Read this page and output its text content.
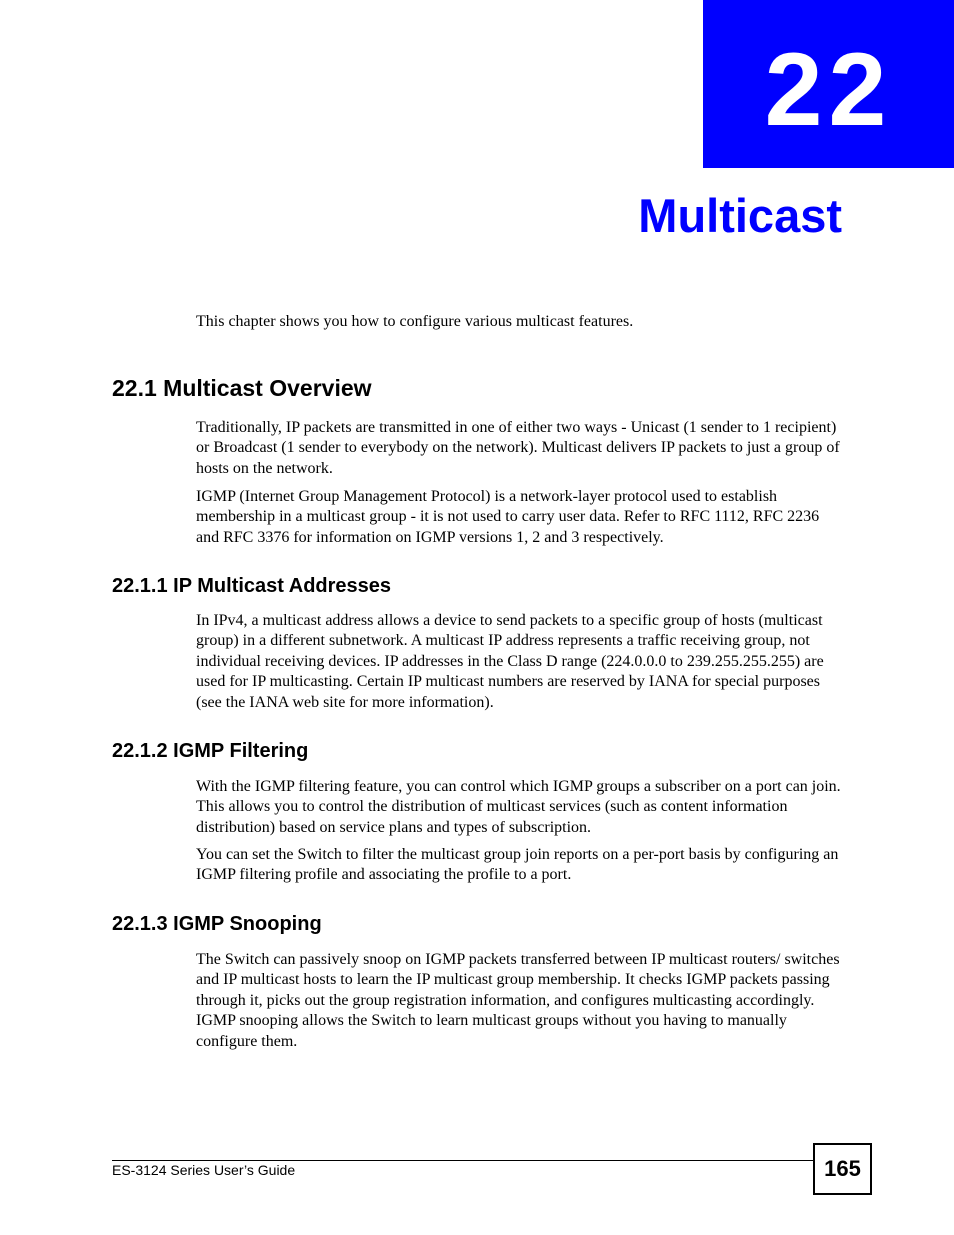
22
Multicast

This chapter shows you how to configure various multicast features.

22.1 Multicast Overview

Traditionally, IP packets are transmitted in one of either two ways - Unicast (1 sender to 1 recipient) or Broadcast (1 sender to everybody on the network). Multicast delivers IP packets to just a group of hosts on the network.

IGMP (Internet Group Management Protocol) is a network-layer protocol used to establish membership in a multicast group - it is not used to carry user data. Refer to RFC 1112, RFC 2236 and RFC 3376 for information on IGMP versions 1, 2 and 3 respectively.

22.1.1 IP Multicast Addresses

In IPv4, a multicast address allows a device to send packets to a specific group of hosts (multicast group) in a different subnetwork. A multicast IP address represents a traffic receiving group, not individual receiving devices. IP addresses in the Class D range (224.0.0.0 to 239.255.255.255) are used for IP multicasting. Certain IP multicast numbers are reserved by IANA for special purposes (see the IANA web site for more information).

22.1.2 IGMP Filtering

With the IGMP filtering feature, you can control which IGMP groups a subscriber on a port can join. This allows you to control the distribution of multicast services (such as content information distribution) based on service plans and types of subscription.

You can set the Switch to filter the multicast group join reports on a per-port basis by configuring an IGMP filtering profile and associating the profile to a port.

22.1.3 IGMP Snooping

The Switch can passively snoop on IGMP packets transferred between IP multicast routers/ switches and IP multicast hosts to learn the IP multicast group membership. It checks IGMP packets passing through it, picks out the group registration information, and configures multicasting accordingly. IGMP snooping allows the Switch to learn multicast groups without you having to manually configure them.

ES-3124 Series User’s Guide	165
